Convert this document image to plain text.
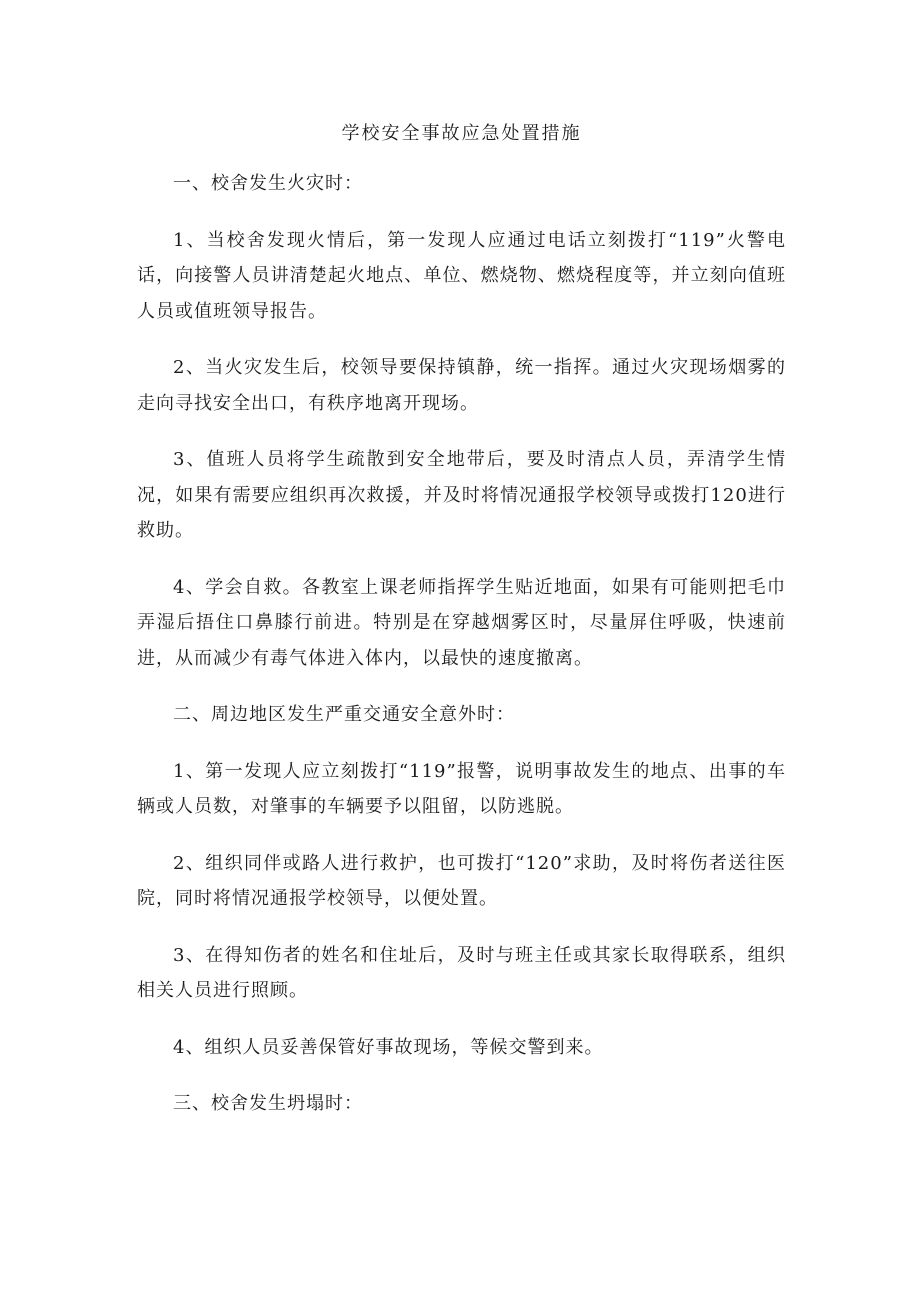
学校安全事故应急处置措施

一、校舍发生火灾时：

1、当校舍发现火情后，第一发现人应通过电话立刻拨打“119”火警电话，向接警人员讲清楚起火地点、单位、燃烧物、燃烧程度等，并立刻向值班人员或值班领导报告。

2、当火灾发生后，校领导要保持镇静，统一指挥。通过火灾现场烟雾的走向寻找安全出口，有秩序地离开现场。

3、值班人员将学生疏散到安全地带后，要及时清点人员，弄清学生情况，如果有需要应组织再次救援，并及时将情况通报学校领导或拨打120进行救助。

4、学会自救。各教室上课老师指挥学生贴近地面，如果有可能则把毛巾弄湿后捂住口鼻膝行前进。特别是在穿越烟雾区时，尽量屏住呼吸，快速前进，从而减少有毒气体进入体内，以最快的速度撤离。

二、周边地区发生严重交通安全意外时：

1、第一发现人应立刻拨打“119”报警，说明事故发生的地点、出事的车辆或人员数，对肇事的车辆要予以阻留，以防逃脱。

2、组织同伴或路人进行救护，也可拨打“120”求助，及时将伤者送往医院，同时将情况通报学校领导，以便处置。

3、在得知伤者的姓名和住址后，及时与班主任或其家长取得联系，组织相关人员进行照顾。

4、组织人员妥善保管好事故现场，等候交警到来。

三、校舍发生坍塌时：
